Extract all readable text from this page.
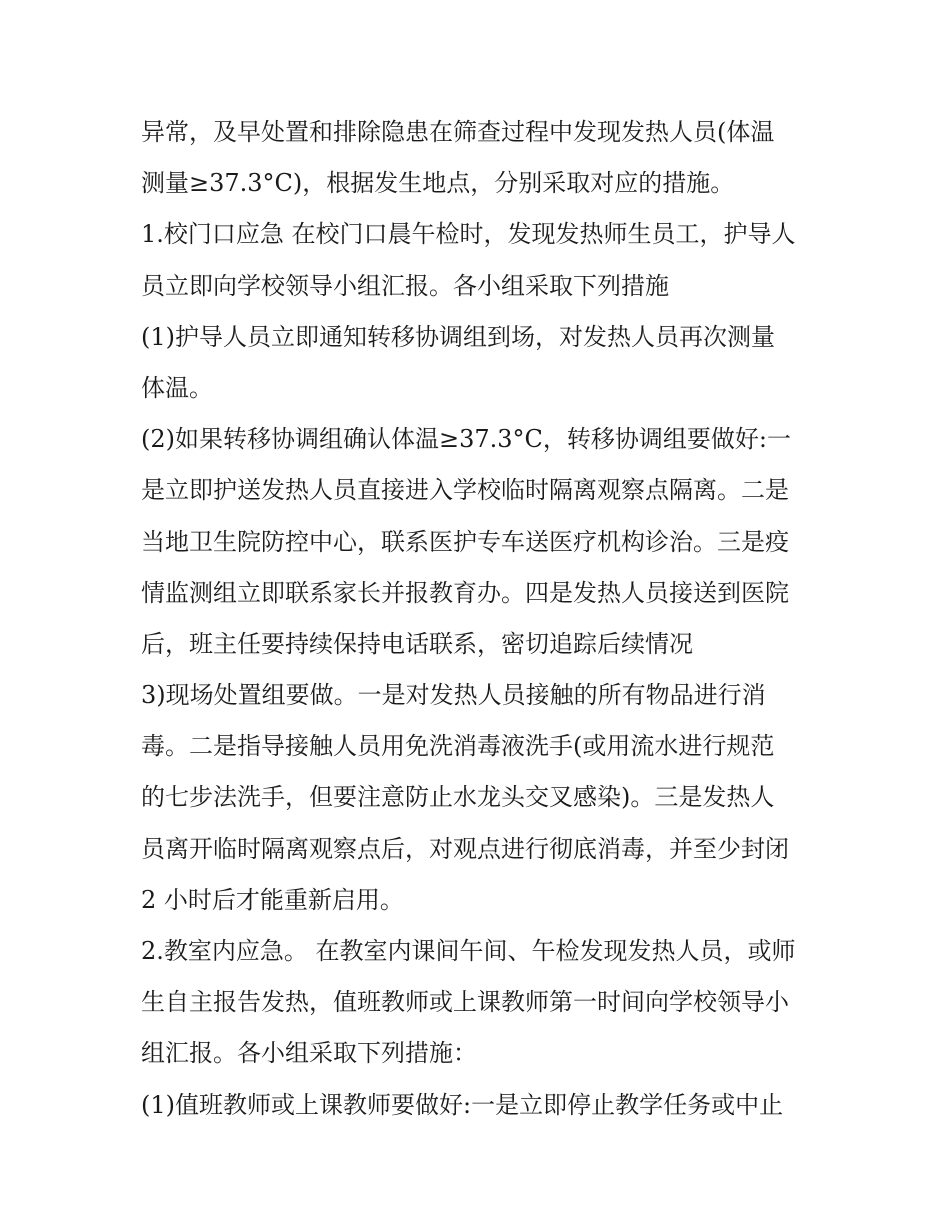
异常，及早处置和排除隐患在筛查过程中发现发热人员(体温
测量≥37.3°C)，根据发生地点，分别采取对应的措施。
1.校门口应急 在校门口晨午检时，发现发热师生员工，护导人
员立即向学校领导小组汇报。各小组采取下列措施
(1)护导人员立即通知转移协调组到场，对发热人员再次测量
体温。
(2)如果转移协调组确认体温≥37.3°C，转移协调组要做好:一
是立即护送发热人员直接进入学校临时隔离观察点隔离。二是
当地卫生院防控中心，联系医护专车送医疗机构诊治。三是疫
情监测组立即联系家长并报教育办。四是发热人员接送到医院
后，班主任要持续保持电话联系，密切追踪后续情况
3)现场处置组要做。一是对发热人员接触的所有物品进行消
毒。二是指导接触人员用免洗消毒液洗手(或用流水进行规范
的七步法洗手，但要注意防止水龙头交叉感染)。三是发热人
员离开临时隔离观察点后，对观点进行彻底消毒，并至少封闭
2 小时后才能重新启用。
2.教室内应急。 在教室内课间午间、午检发现发热人员，或师
生自主报告发热，值班教师或上课教师第一时间向学校领导小
组汇报。各小组采取下列措施：
(1)值班教师或上课教师要做好:一是立即停止教学任务或中止
